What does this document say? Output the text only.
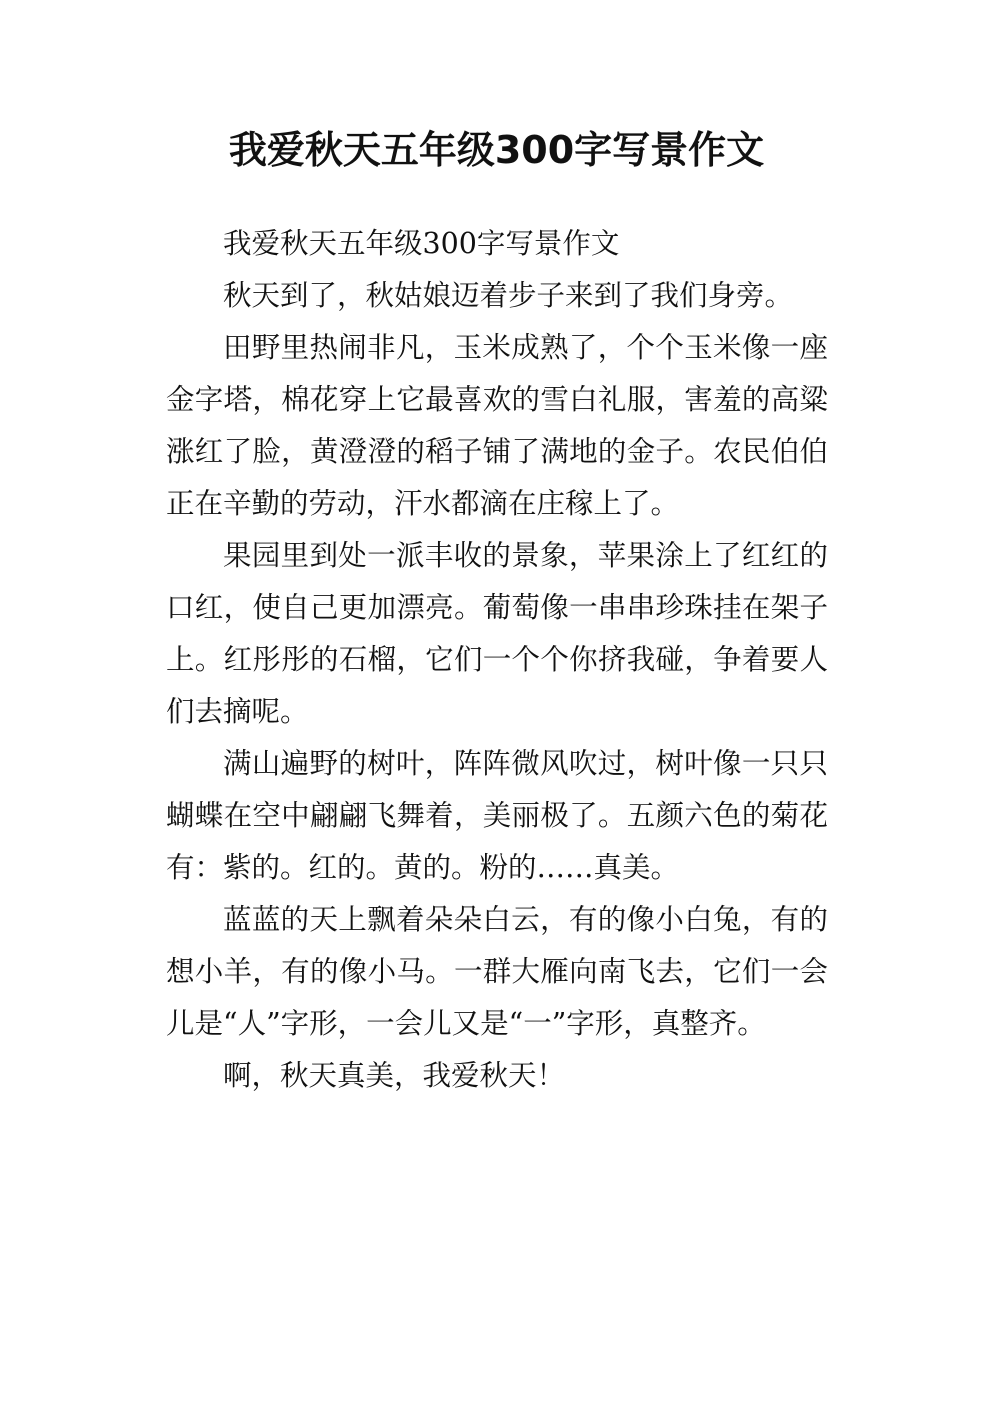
我爱秋天五年级300字写景作文

我爱秋天五年级300字写景作文

秋天到了，秋姑娘迈着步子来到了我们身旁。

田野里热闹非凡，玉米成熟了，个个玉米像一座金字塔，棉花穿上它最喜欢的雪白礼服，害羞的高粱涨红了脸，黄澄澄的稻子铺了满地的金子。农民伯伯正在辛勤的劳动，汗水都滴在庄稼上了。

果园里到处一派丰收的景象，苹果涂上了红红的口红，使自己更加漂亮。葡萄像一串串珍珠挂在架子上。红彤彤的石榴，它们一个个你挤我碰，争着要人们去摘呢。

满山遍野的树叶，阵阵微风吹过，树叶像一只只蝴蝶在空中翩翩飞舞着，美丽极了。五颜六色的菊花有：紫的。红的。黄的。粉的……真美。

蓝蓝的天上飘着朵朵白云，有的像小白兔，有的想小羊，有的像小马。一群大雁向南飞去，它们一会儿是“人”字形，一会儿又是“一”字形，真整齐。

啊，秋天真美，我爱秋天！
